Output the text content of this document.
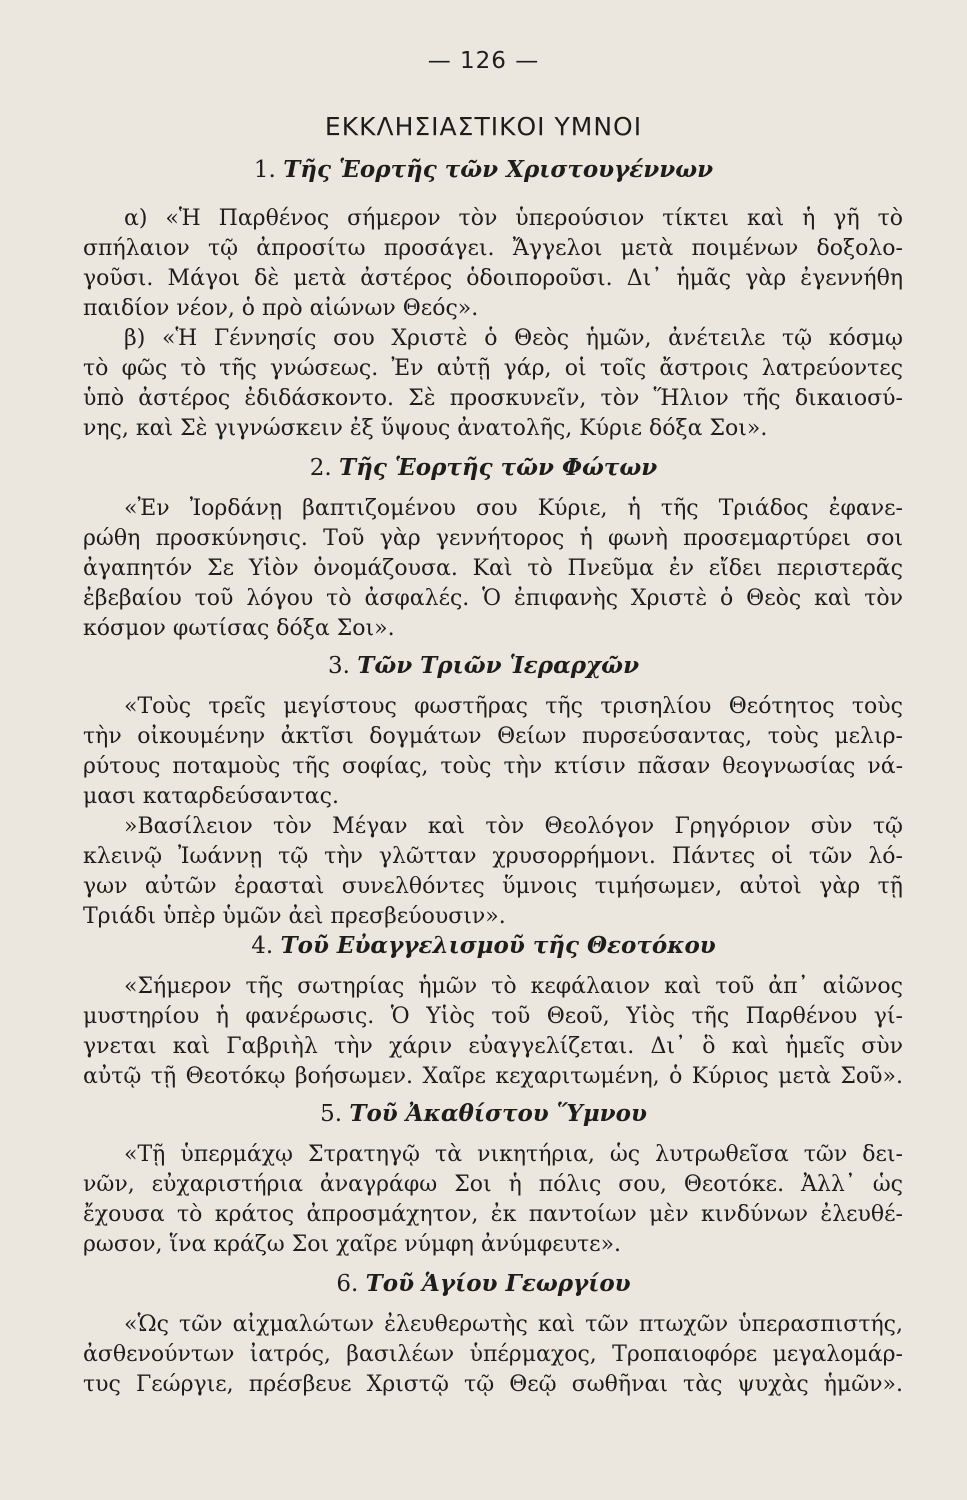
— 126 —
ΕΚΚΛΗΣΙΑΣΤΙΚΟΙ ΥΜΝΟΙ
1. Τῆς Ἑορτῆς τῶν Χριστουγέννων
α) «Ἡ Παρθένος σήμερον τὸν ὑπερούσιον τίκτει καὶ ἡ γῆ τὸ
σπήλαιον τῷ ἀπροσίτω προσάγει. Ἄγγελοι μετὰ ποιμένων δοξολο-
γοῦσι. Μάγοι δὲ μετὰ ἀστέρος ὁδοιποροῦσι. Δι᾿ ἡμᾶς γὰρ ἐγεννήθη
παιδίον νέον, ὁ πρὸ αἰώνων Θεός».
β) «Ἡ Γέννησίς σου Χριστὲ ὁ Θεὸς ἡμῶν, ἀνέτειλε τῷ κόσμῳ
τὸ φῶς τὸ τῆς γνώσεως. Ἐν αὐτῇ γάρ, οἱ τοῖς ἄστροις λατρεύοντες
ὑπὸ ἀστέρος ἐδιδάσκοντο. Σὲ προσκυνεῖν, τὸν Ἥλιον τῆς δικαιοσύ-
νης, καὶ Σὲ γιγνώσκειν ἐξ ὕψους ἀνατολῆς, Κύριε δόξα Σοι».
2. Τῆς Ἑορτῆς τῶν Φώτων
«Ἐν Ἰορδάνῃ βαπτιζομένου σου Κύριε, ἡ τῆς Τριάδος ἐφανε-
ρώθη προσκύνησις. Τοῦ γὰρ γεννήτορος ἡ φωνὴ προσεμαρτύρει σοι
ἀγαπητόν Σε Υἱὸν ὀνομάζουσα. Καὶ τὸ Πνεῦμα ἐν εἴδει περιστερᾶς
ἐβεβαίου τοῦ λόγου τὸ ἀσφαλές. Ὁ ἐπιφανὴς Χριστὲ ὁ Θεὸς καὶ τὸν
κόσμον φωτίσας δόξα Σοι».
3. Τῶν Τριῶν Ἱεραρχῶν
«Τοὺς τρεῖς μεγίστους φωστῆρας τῆς τρισηλίου Θεότητος τοὺς
τὴν οἰκουμένην ἀκτῖσι δογμάτων Θείων πυρσεύσαντας, τοὺς μελιρ-
ρύτους ποταμοὺς τῆς σοφίας, τοὺς τὴν κτίσιν πᾶσαν θεογνωσίας νά-
μασι καταρδεύσαντας.
»Βασίλειον τὸν Μέγαν καὶ τὸν Θεολόγον Γρηγόριον σὺν τῷ
κλεινῷ Ἰωάννῃ τῷ τὴν γλῶτταν χρυσορρήμονι. Πάντες οἱ τῶν λό-
γων αὐτῶν ἐρασταὶ συνελθόντες ὕμνοις τιμήσωμεν, αὐτοὶ γὰρ τῇ
Τριάδι ὑπὲρ ὑμῶν ἀεὶ πρεσβεύουσιν».
4. Τοῦ Εὐαγγελισμοῦ τῆς Θεοτόκου
«Σήμερον τῆς σωτηρίας ἡμῶν τὸ κεφάλαιον καὶ τοῦ ἀπ᾿ αἰῶνος
μυστηρίου ἡ φανέρωσις. Ὁ Υἱὸς τοῦ Θεοῦ, Υἱὸς τῆς Παρθένου γί-
γνεται καὶ Γαβριὴλ τὴν χάριν εὐαγγελίζεται. Δι᾿ ὃ καὶ ἡμεῖς σὺν
αὐτῷ τῇ Θεοτόκῳ βοήσωμεν. Χαῖρε κεχαριτωμένη, ὁ Κύριος μετὰ Σοῦ».
5. Τοῦ Ἀκαθίστου Ὕμνου
«Τῇ ὑπερμάχῳ Στρατηγῷ τὰ νικητήρια, ὡς λυτρωθεῖσα τῶν δει-
νῶν, εὐχαριστήρια ἀναγράφω Σοι ἡ πόλις σου, Θεοτόκε. Ἀλλ᾿ ὡς
ἔχουσα τὸ κράτος ἀπροσμάχητον, ἐκ παντοίων μὲν κινδύνων ἐλευθέ-
ρωσον, ἵνα κράζω Σοι χαῖρε νύμφη ἀνύμφευτε».
6. Τοῦ Ἁγίου Γεωργίου
«Ὡς τῶν αἰχμαλώτων ἐλευθερωτὴς καὶ τῶν πτωχῶν ὑπερασπιστής,
ἀσθενούντων ἰατρός, βασιλέων ὑπέρμαχος, Τροπαιοφόρε μεγαλομάρ-
τυς Γεώργιε, πρέσβευε Χριστῷ τῷ Θεῷ σωθῆναι τὰς ψυχὰς ἡμῶν».
